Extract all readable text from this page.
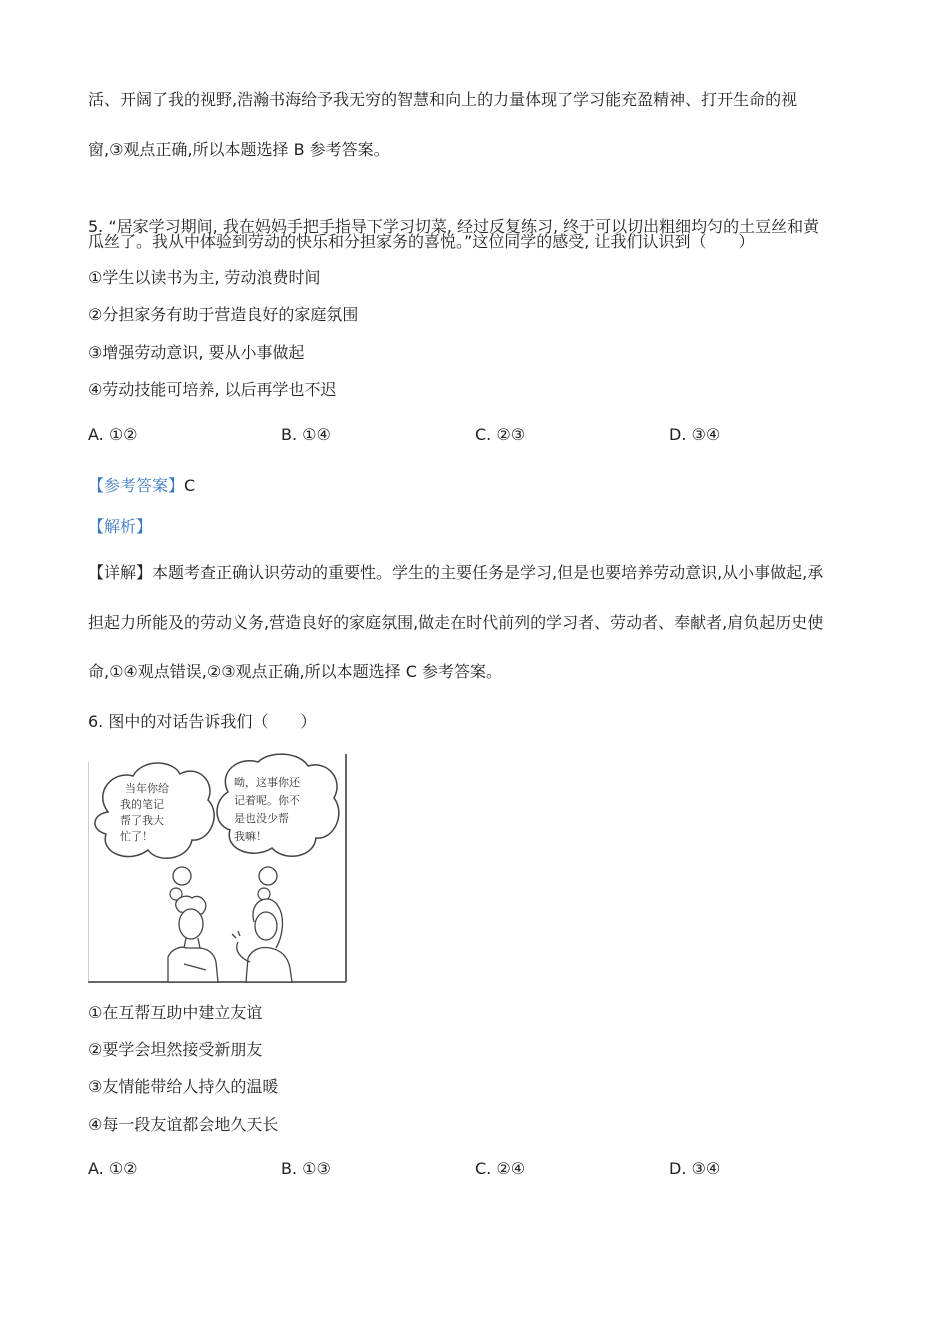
活、开阔了我的视野,浩瀚书海给予我无穷的智慧和向上的力量体现了学习能充盈精神、打开生命的视
窗,③观点正确,所以本题选择 B 参考答案。
5. “居家学习期间, 我在妈妈手把手指导下学习切菜, 经过反复练习, 终于可以切出粗细均匀的土豆丝和黄
瓜丝了。我从中体验到劳动的快乐和分担家务的喜悦。”这位同学的感受, 让我们认识到（　　）
①学生以读书为主, 劳动浪费时间
②分担家务有助于营造良好的家庭氛围
③增强劳动意识, 要从小事做起
④劳动技能可培养, 以后再学也不迟
A. ①②	B. ①④	C. ②③	D. ③④
【参考答案】C
【解析】
【详解】本题考查正确认识劳动的重要性。学生的主要任务是学习,但是也要培养劳动意识,从小事做起,承
担起力所能及的劳动义务,营造良好的家庭氛围,做走在时代前列的学习者、劳动者、奉献者,肩负起历史使
命,①④观点错误,②③观点正确,所以本题选择 C 参考答案。
6. 图中的对话告诉我们（　　）
当年你给
我的笔记
帮了我大
忙了！
呦，这事你还
记着呢。你不
是也没少帮
我嘛！
①在互帮互助中建立友谊
②要学会坦然接受新朋友
③友情能带给人持久的温暖
④每一段友谊都会地久天长
A. ①②	B. ①③	C. ②④	D. ③④
